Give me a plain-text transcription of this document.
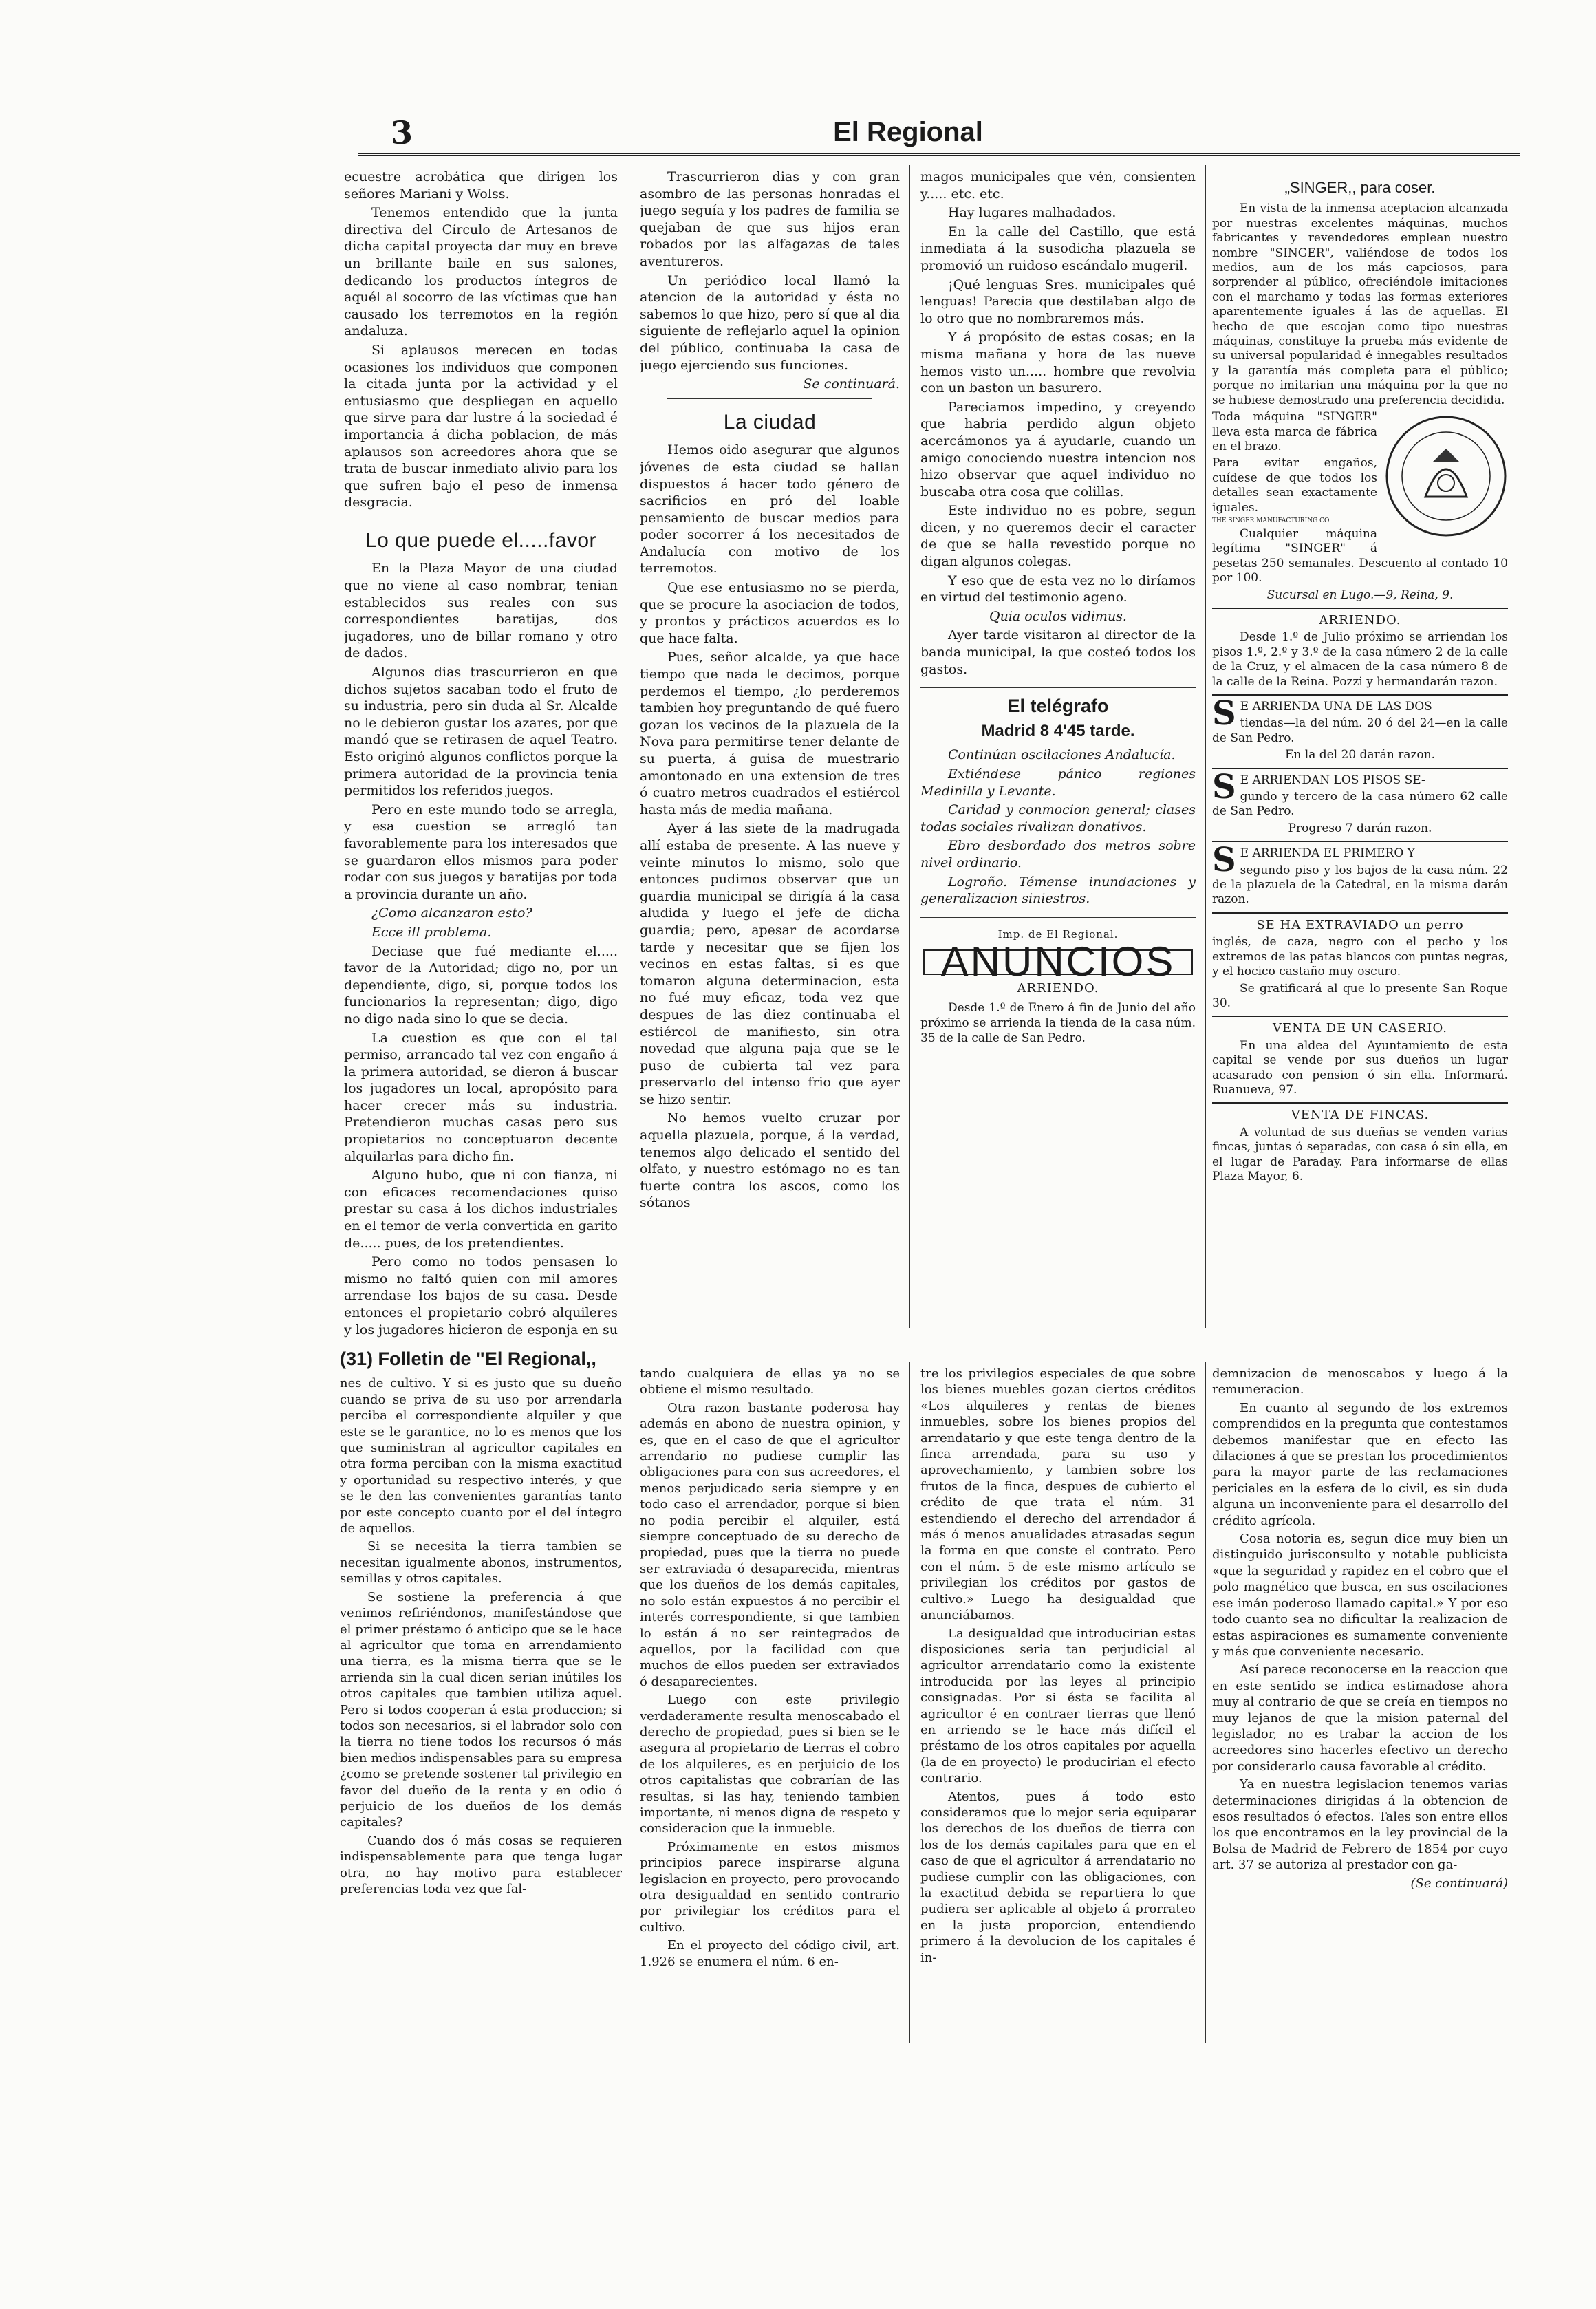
3	El Regional

ecuestre acrobática que dirigen los señores Mariani y Wolss.

Tenemos entendido que la junta directiva del Círculo de Artesanos de dicha capital proyecta dar muy en breve un brillante baile en sus salones, dedicando los productos íntegros de aquél al socorro de las víctimas que han causado los terremotos en la región andaluza.

Si aplausos merecen en todas ocasiones los individuos que componen la citada junta por la actividad y el entusiasmo que despliegan en aquello que sirve para dar lustre á la sociedad é importancia á dicha poblacion, de más aplausos son acreedores ahora que se trata de buscar inmediato alivio para los que sufren bajo el peso de inmensa desgracia.

Lo que puede el.....favor

En la Plaza Mayor de una ciudad que no viene al caso nombrar, tenian establecidos sus reales con sus correspondientes baratijas, dos jugadores, uno de billar romano y otro de dados.

Algunos dias trascurrieron en que dichos sujetos sacaban todo el fruto de su industria, pero sin duda al Sr. Alcalde no le debieron gustar los azares, por que mandó que se retirasen de aquel Teatro. Esto originó algunos conflictos porque la primera autoridad de la provincia tenia permitidos los referidos juegos.

Pero en este mundo todo se arregla, y esa cuestion se arregló tan favorablemente para los interesados que se guardaron ellos mismos para poder rodar con sus juegos y baratijas por toda a provincia durante un año.

¿Como alcanzaron esto?

Ecce ill problema.

Deciase que fué mediante el..... favor de la Autoridad; digo no, por un dependiente, digo, si, porque todos los funcionarios la representan; digo, digo no digo nada sino lo que se decia.

La cuestion es que con el tal permiso, arrancado tal vez con engaño á la primera autoridad, se dieron á buscar los jugadores un local, apropósito para hacer crecer más su industria. Pretendieron muchas casas pero sus propietarios no conceptuaron decente alquilarlas para dicho fin.

Alguno hubo, que ni con fianza, ni con eficaces recomendaciones quiso prestar su casa á los dichos industriales en el temor de verla convertida en garito de..... pues, de los pretendientes.

Pero como no todos pensasen lo mismo no faltó quien con mil amores arrendase los bajos de su casa. Desde entonces el propietario cobró alquileres y los jugadores hicieron de esponja en su

Trascurrieron dias y con gran asombro de las personas honradas el juego seguía y los padres de familia se quejaban de que sus hijos eran robados por las alfagazas de tales aventureros.

Un periódico local llamó la atencion de la autoridad y ésta no sabemos lo que hizo, pero sí que al dia siguiente de reflejarlo aquel la opinion del público, continuaba la casa de juego ejerciendo sus funciones.

Se continuará.

La ciudad

Hemos oido asegurar que algunos jóvenes de esta ciudad se hallan dispuestos á hacer todo género de sacrificios en pró del loable pensamiento de buscar medios para poder socorrer á los necesitados de Andalucía con motivo de los terremotos.

Que ese entusiasmo no se pierda, que se procure la asociacion de todos, y prontos y prácticos acuerdos es lo que hace falta.

Pues, señor alcalde, ya que hace tiempo que nada le decimos, porque perdemos el tiempo, ¿lo perderemos tambien hoy preguntando de qué fuero gozan los vecinos de la plazuela de la Nova para permitirse tener delante de su puerta, á guisa de muestrario amontonado en una extension de tres ó cuatro metros cuadrados el estiércol hasta más de media mañana.

Ayer á las siete de la madrugada allí estaba de presente. A las nueve y veinte minutos lo mismo, solo que entonces pudimos observar que un guardia municipal se dirigía á la casa aludida y luego el jefe de dicha guardia; pero, apesar de acordarse tarde y necesitar que se fijen los vecinos en estas faltas, si es que tomaron alguna determinacion, esta no fué muy eficaz, toda vez que despues de las diez continuaba el estiércol de manifiesto, sin otra novedad que alguna paja que se le puso de cubierta tal vez para preservarlo del intenso frio que ayer se hizo sentir.

No hemos vuelto cruzar por aquella plazuela, porque, á la verdad, tenemos algo delicado el sentido del olfato, y nuestro estómago no es tan fuerte contra los ascos, como los sótanos

magos municipales que vén, consienten y..... etc. etc.

Hay lugares malhadados.

En la calle del Castillo, que está inmediata á la susodicha plazuela se promovió un ruidoso escándalo mugeril.

¡Qué lenguas Sres. municipales qué lenguas! Parecia que destilaban algo de lo otro que no nombraremos más.

Y á propósito de estas cosas; en la misma mañana y hora de las nueve hemos visto un..... hombre que revolvia con un baston un basurero.

Pareciamos impedino, y creyendo que habria perdido algun objeto acercámonos ya á ayudarle, cuando un amigo conociendo nuestra intencion nos hizo observar que aquel individuo no buscaba otra cosa que colillas.

Este individuo no es pobre, segun dicen, y no queremos decir el caracter de que se halla revestido porque no digan algunos colegas.

Y eso que de esta vez no lo diríamos en virtud del testimonio ageno.

Quia oculos vidimus.

Ayer tarde visitaron al director de la banda municipal, la que costeó todos los gastos.

El telégrafo
Madrid 8 4'45 tarde.

Continúan oscilaciones Andalucía.

Extiéndese pánico regiones Medinilla y Levante.

Caridad y conmocion general; clases todas sociales rivalizan donativos.

Ebro desbordado dos metros sobre nivel ordinario.

Logroño. Témense inundaciones y generalizacion siniestros.

Imp. de El Regional.
ANUNCIOS
ARRIENDO.

Desde 1.º de Enero á fin de Junio del año próximo se arrienda la tienda de la casa núm. 35 de la calle de San Pedro.

„SINGER,, para coser.

En vista de la inmensa aceptacion alcanzada por nuestras excelentes máquinas, muchos fabricantes y revendedores emplean nuestro nombre "SINGER", valiéndose de todos los medios, aun de los más capciosos, para sorprender al público, ofreciéndole imitaciones con el marchamo y todas las formas exteriores aparentemente iguales á las de aquellas. El hecho de que escojan como tipo nuestras máquinas, constituye la prueba más evidente de su universal popularidad é innegables resultados y la garantía más completa para el público; porque no imitarian una máquina por la que no se hubiese demostrado una preferencia decidida.

Toda máquina "SINGER" lleva esta marca de fábrica en el brazo.

Para evitar engaños, cuídese de que todos los detalles sean exactamente iguales.

THE SINGER MANUFACTURING CO.

Cualquier máquina legítima "SINGER" á pesetas 250 semanales. Descuento al contado 10 por 100.

Sucursal en Lugo.—9, Reina, 9.

ARRIENDO.

Desde 1.º de Julio próximo se arriendan los pisos 1.º, 2.º y 3.º de la casa número 2 de la calle de la Cruz, y el almacen de la casa número 8 de la calle de la Reina. Pozzi y hermandarán razon.

S E ARRIENDA UNA DE LAS DOS

tiendas—la del núm. 20 ó del 24—en la calle de San Pedro.

En la del 20 darán razon.

S E ARRIENDAN LOS PISOS SE-

gundo y tercero de la casa número 62 calle de San Pedro.

Progreso 7 darán razon.

S E ARRIENDA EL PRIMERO Y

segundo piso y los bajos de la casa núm. 22 de la plazuela de la Catedral, en la misma darán razon.

SE HA EXTRAVIADO un perro

inglés, de caza, negro con el pecho y los extremos de las patas blancos con puntas negras, y el hocico castaño muy oscuro.

Se gratificará al que lo presente San Roque 30.

VENTA DE UN CASERIO.

En una aldea del Ayuntamiento de esta capital se vende por sus dueños un lugar acasarado con pension ó sin ella. Informará. Ruanueva, 97.

VENTA DE FINCAS.

A voluntad de sus dueñas se venden varias fincas, juntas ó separadas, con casa ó sin ella, en el lugar de Paraday. Para informarse de ellas Plaza Mayor, 6.

(31) Folletin de "El Regional,,

nes de cultivo. Y si es justo que su dueño cuando se priva de su uso por arrendarla perciba el correspondiente alquiler y que este se le garantice, no lo es menos que los que suministran al agricultor capitales en otra forma perciban con la misma exactitud y oportunidad su respectivo interés, y que se le den las convenientes garantías tanto por este concepto cuanto por el del íntegro de aquellos.

Si se necesita la tierra tambien se necesitan igualmente abonos, instrumentos, semillas y otros capitales.

Se sostiene la preferencia á que venimos refiriéndonos, manifestándose que el primer préstamo ó anticipo que se le hace al agricultor que toma en arrendamiento una tierra, es la misma tierra que se le arrienda sin la cual dicen serian inútiles los otros capitales que tambien utiliza aquel. Pero si todos cooperan á esta produccion; si todos son necesarios, si el labrador solo con la tierra no tiene todos los recursos ó más bien medios indispensables para su empresa ¿como se pretende sostener tal privilegio en favor del dueño de la renta y en odio ó perjuicio de los dueños de los demás capitales?

Cuando dos ó más cosas se requieren indispensablemente para que tenga lugar otra, no hay motivo para establecer preferencias toda vez que fal-

tando cualquiera de ellas ya no se obtiene el mismo resultado.

Otra razon bastante poderosa hay además en abono de nuestra opinion, y es, que en el caso de que el agricultor arrendario no pudiese cumplir las obligaciones para con sus acreedores, el menos perjudicado seria siempre y en todo caso el arrendador, porque si bien no podia percibir el alquiler, está siempre conceptuado de su derecho de propiedad, pues que la tierra no puede ser extraviada ó desaparecida, mientras que los dueños de los demás capitales, no solo están expuestos á no percibir el interés correspondiente, si que tambien lo están á no ser reintegrados de aquellos, por la facilidad con que muchos de ellos pueden ser extraviados ó desaparecientes.

Luego con este privilegio verdaderamente resulta menoscabado el derecho de propiedad, pues si bien se le asegura al propietario de tierras el cobro de los alquileres, es en perjuicio de los otros capitalistas que cobrarían de las resultas, si las hay, teniendo tambien importante, ni menos digna de respeto y consideracion que la inmueble.

Próximamente en estos mismos principios parece inspirarse alguna legislacion en proyecto, pero provocando otra desigualdad en sentido contrario por privilegiar los créditos para el cultivo.

En el proyecto del código civil, art. 1.926 se enumera el núm. 6 en-

tre los privilegios especiales de que sobre los bienes muebles gozan ciertos créditos «Los alquileres y rentas de bienes inmuebles, sobre los bienes propios del arrendatario y que este tenga dentro de la finca arrendada, para su uso y aprovechamiento, y tambien sobre los frutos de la finca, despues de cubierto el crédito de que trata el núm. 31 estendiendo el derecho del arrendador á más ó menos anualidades atrasadas segun la forma en que conste el contrato. Pero con el núm. 5 de este mismo artículo se privilegian los créditos por gastos de cultivo.» Luego ha desigualdad que anunciábamos.

La desigualdad que introducirian estas disposiciones seria tan perjudicial al agricultor arrendatario como la existente introducida por las leyes al principio consignadas. Por si ésta se facilita al agricultor é en contraer tierras que llenó en arriendo se le hace más difícil el préstamo de los otros capitales por aquella (la de en proyecto) le producirian el efecto contrario.

Atentos, pues á todo esto consideramos que lo mejor seria equiparar los derechos de los dueños de tierra con los de los demás capitales para que en el caso de que el agricultor á arrendatario no pudiese cumplir con las obligaciones, con la exactitud debida se repartiera lo que pudiera ser aplicable al objeto á prorrateo en la justa proporcion, entendiendo primero á la devolucion de los capitales é in-

demnizacion de menoscabos y luego á la remuneracion.

En cuanto al segundo de los extremos comprendidos en la pregunta que contestamos debemos manifestar que en efecto las dilaciones á que se prestan los procedimientos para la mayor parte de las reclamaciones periciales en la esfera de lo civil, es sin duda alguna un inconveniente para el desarrollo del crédito agrícola.

Cosa notoria es, segun dice muy bien un distinguido jurisconsulto y notable publicista «que la seguridad y rapidez en el cobro que el polo magnético que busca, en sus oscilaciones ese imán poderoso llamado capital.» Y por eso todo cuanto sea no dificultar la realizacion de estas aspiraciones es sumamente conveniente y más que conveniente necesario.

Así parece reconocerse en la reaccion que en este sentido se indica estimadose ahora muy al contrario de que se creía en tiempos no muy lejanos de que la mision paternal del legislador, no es trabar la accion de los acreedores sino hacerles efectivo un derecho por considerarlo causa favorable al crédito.

Ya en nuestra legislacion tenemos varias determinaciones dirigidas á la obtencion de esos resultados ó efectos. Tales son entre ellos los que encontramos en la ley provincial de la Bolsa de Madrid de Febrero de 1854 por cuyo art. 37 se autoriza al prestador con ga-

(Se continuará)
